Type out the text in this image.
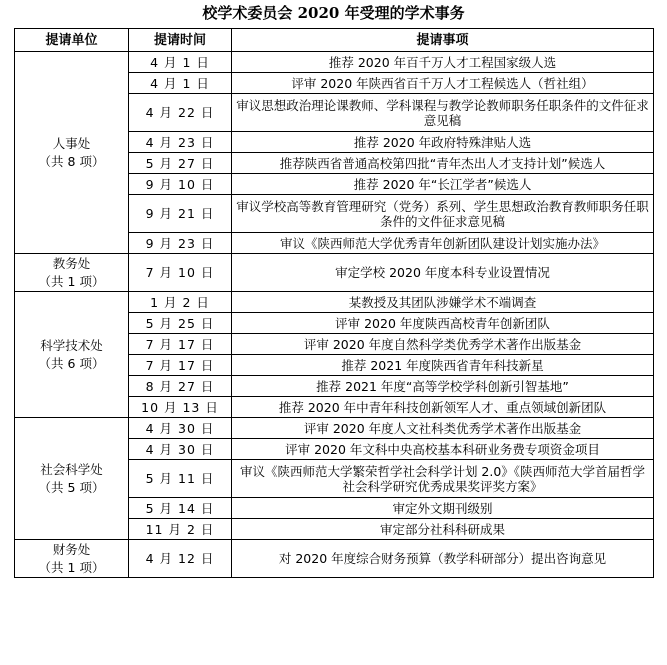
校学术委员会 2020 年受理的学术事务
提请单位	提请时间	提请事项

人事处
（共 8 项）	4 月 1 日	推荐 2020 年百千万人才工程国家级人选
	4 月 1 日	评审 2020 年陕西省百千万人才工程候选人（哲社组）
	4 月 22 日	审议思想政治理论课教师、学科课程与教学论教师职务任职条件的文件征求意见稿
	4 月 23 日	推荐 2020 年政府特殊津贴人选
	5 月 27 日	推荐陕西省普通高校第四批“青年杰出人才支持计划”候选人
	9 月 10 日	推荐 2020 年“长江学者”候选人
	9 月 21 日	审议学校高等教育管理研究（党务）系列、学生思想政治教育教师职务任职条件的文件征求意见稿
	9 月 23 日	审议《陕西师范大学优秀青年创新团队建设计划实施办法》

教务处
（共 1 项）	7 月 10 日	审定学校 2020 年度本科专业设置情况

科学技术处
（共 6 项）	1 月 2 日	某教授及其团队涉嫌学术不端调查
	5 月 25 日	评审 2020 年度陕西高校青年创新团队
	7 月 17 日	评审 2020 年度自然科学类优秀学术著作出版基金
	7 月 17 日	推荐 2021 年度陕西省青年科技新星
	8 月 27 日	推荐 2021 年度“高等学校学科创新引智基地”
	10 月 13 日	推荐 2020 年中青年科技创新领军人才、重点领域创新团队

社会科学处
（共 5 项）	4 月 30 日	评审 2020 年度人文社科类优秀学术著作出版基金
	4 月 30 日	评审 2020 年文科中央高校基本科研业务费专项资金项目
	5 月 11 日	审议《陕西师范大学繁荣哲学社会科学计划 2.0》《陕西师范大学首届哲学社会科学研究优秀成果奖评奖方案》
	5 月 14 日	审定外文期刊级别
	11 月 2 日	审定部分社科科研成果

财务处
（共 1 项）	4 月 12 日	对 2020 年度综合财务预算（教学科研部分）提出咨询意见
